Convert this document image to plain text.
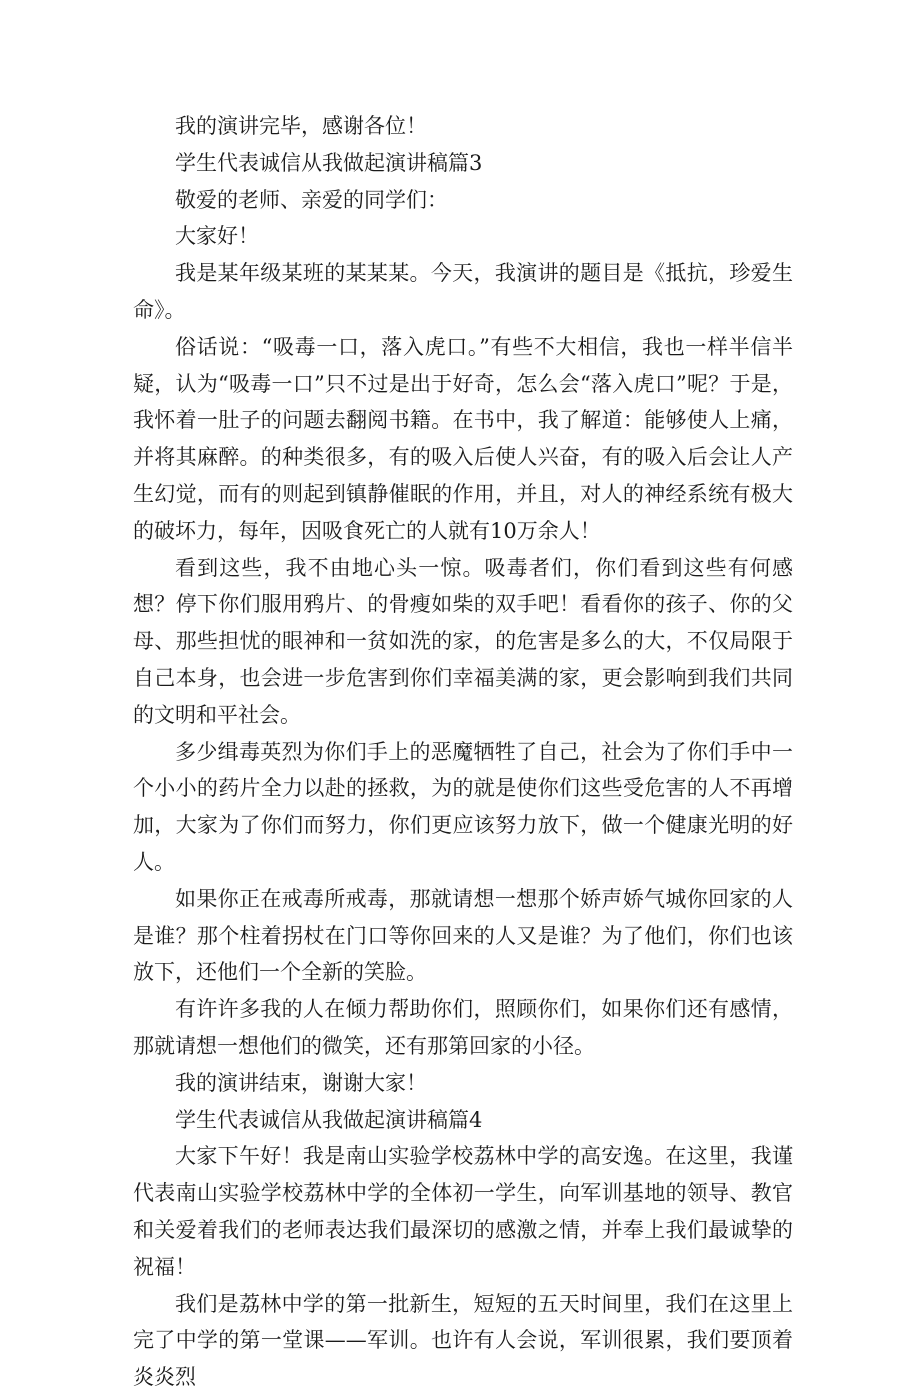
我的演讲完毕，感谢各位！

学生代表诚信从我做起演讲稿篇3

敬爱的老师、亲爱的同学们：

大家好！

我是某年级某班的某某某。今天，我演讲的题目是《抵抗，珍爱生命》。

俗话说：“吸毒一口，落入虎口。”有些不大相信，我也一样半信半疑，认为“吸毒一口”只不过是出于好奇，怎么会“落入虎口”呢？于是，我怀着一肚子的问题去翻阅书籍。在书中，我了解道：能够使人上痛，并将其麻醉。的种类很多，有的吸入后使人兴奋，有的吸入后会让人产生幻觉，而有的则起到镇静催眠的作用，并且，对人的神经系统有极大的破坏力，每年，因吸食死亡的人就有10万余人！

看到这些，我不由地心头一惊。吸毒者们，你们看到这些有何感想？停下你们服用鸦片、的骨瘦如柴的双手吧！看看你的孩子、你的父母、那些担忧的眼神和一贫如洗的家，的危害是多么的大，不仅局限于自己本身，也会进一步危害到你们幸福美满的家，更会影响到我们共同的文明和平社会。

多少缉毒英烈为你们手上的恶魔牺牲了自己，社会为了你们手中一个小小的药片全力以赴的拯救，为的就是使你们这些受危害的人不再增加，大家为了你们而努力，你们更应该努力放下，做一个健康光明的好人。

如果你正在戒毒所戒毒，那就请想一想那个娇声娇气城你回家的人是谁？那个柱着拐杖在门口等你回来的人又是谁？为了他们，你们也该放下，还他们一个全新的笑脸。

有许许多我的人在倾力帮助你们，照顾你们，如果你们还有感情，那就请想一想他们的微笑，还有那第回家的小径。

我的演讲结束，谢谢大家！

学生代表诚信从我做起演讲稿篇4

大家下午好！我是南山实验学校荔林中学的高安逸。在这里，我谨代表南山实验学校荔林中学的全体初一学生，向军训基地的领导、教官和关爱着我们的老师表达我们最深切的感激之情，并奉上我们最诚挚的祝福！

我们是荔林中学的第一批新生，短短的五天时间里，我们在这里上完了中学的第一堂课——军训。也许有人会说，军训很累，我们要顶着炎炎烈
